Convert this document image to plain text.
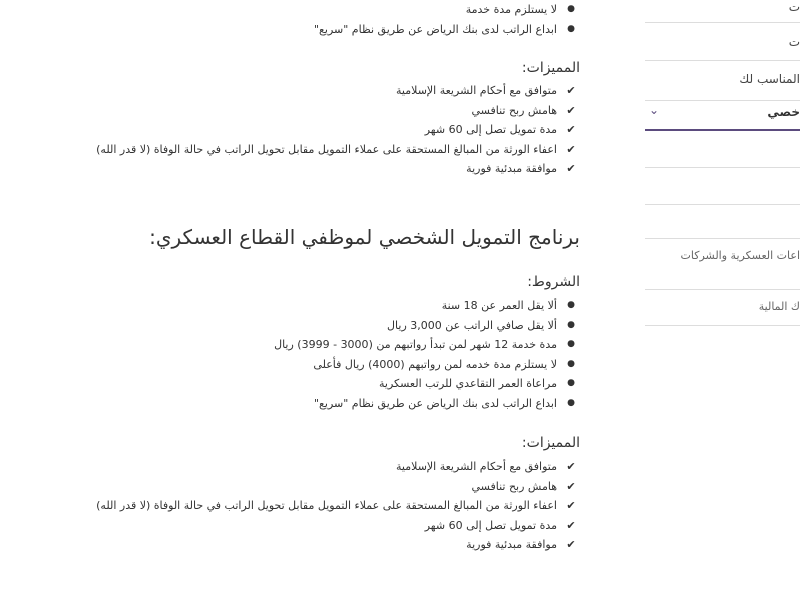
●
لا يستلزم مدة خدمة
●
ابداع الراتب لدى بنك الرياض عن طريق نظام "سريع"
المميزات:
✔
متوافق مع أحكام الشريعة الإسلامية
✔
هامش ربح تنافسي
✔
مدة تمويل تصل إلى 60 شهر
✔
اعفاء الورثة من المبالغ المستحقة على عملاء التمويل مقابل تحويل الراتب في حالة الوفاة (لا قدر الله)
✔
موافقة مبدئية فورية
برنامج التمويل الشخصي لموظفي القطاع العسكري:
الشروط:
●
ألا يقل العمر عن 18 سنة
●
ألا يقل صافي الراتب عن 3,000 ريال
●
مدة خدمة 12 شهر لمن تبدأ رواتبهم من (3000 - 3999) ريال
●
لا يستلزم مدة خدمه لمن رواتبهم (4000) ريال فأعلى
●
مراعاة العمر التقاعدي للرتب العسكرية
●
ابداع الراتب لدى بنك الرياض عن طريق نظام "سريع"
المميزات:
✔
متوافق مع أحكام الشريعة الإسلامية
✔
هامش ربح تنافسي
✔
اعفاء الورثة من المبالغ المستحقة على عملاء التمويل مقابل تحويل الراتب في حالة الوفاة (لا قدر الله)
✔
مدة تمويل تصل إلى 60 شهر
✔
موافقة مبدئية فورية
ت
ت
المناسب لك
خصي
⌄
اعات العسكرية والشركات
ك المالية
